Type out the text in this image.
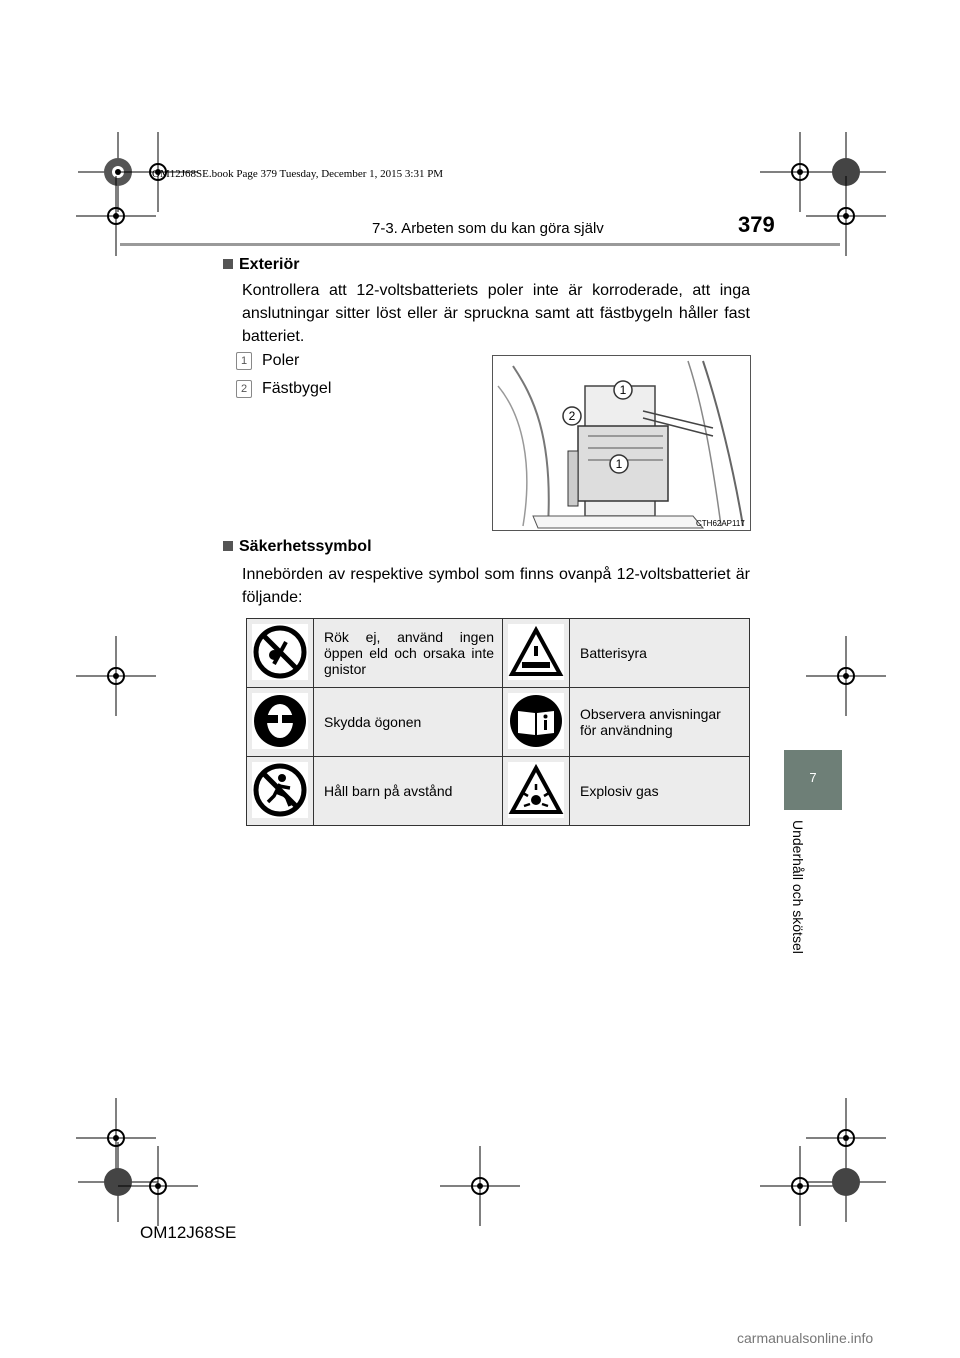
OM12J68SE.book Page 379 Tuesday, December 1, 2015 3:31 PM
7-3. Arbeten som du kan göra själv	379
7
Underhåll och skötsel
Exteriör
Kontrollera att 12-voltsbatteriets poler inte är korroderade, att inga anslutningar sitter löst eller är spruckna samt att fästbygeln håller fast batteriet.
1 Poler
2 Fästbygel	1
2
1
CTH62AP117
Säkerhetssymbol
Innebörden av respektive symbol som finns ovanpå 12-voltsbatteriet är följande:
	Rök ej, använd ingen öppen eld och orsaka inte gnistor		Batterisyra
	Skydda ögonen		Observera anvisningar för användning
	Håll barn på avstånd		Explosiv gas
OM12J68SE
carmanualsonline.info
